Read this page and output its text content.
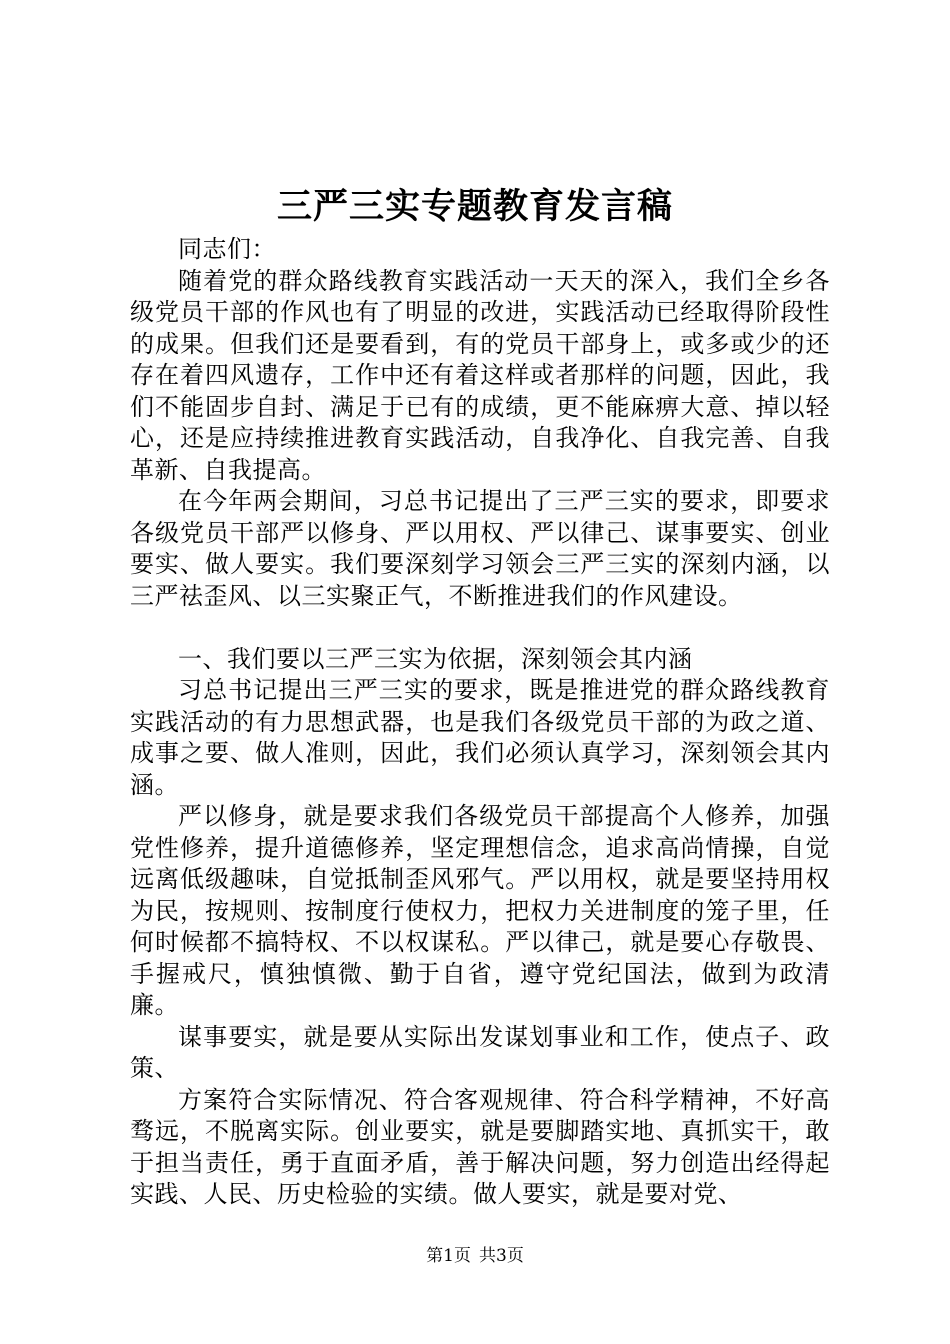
三严三实专题教育发言稿

同志们：

随着党的群众路线教育实践活动一天天的深入，我们全乡各级党员干部的作风也有了明显的改进，实践活动已经取得阶段性的成果。但我们还是要看到，有的党员干部身上，或多或少的还存在着四风遗存，工作中还有着这样或者那样的问题，因此，我们不能固步自封、满足于已有的成绩，更不能麻痹大意、掉以轻心，还是应持续推进教育实践活动，自我净化、自我完善、自我革新、自我提高。

在今年两会期间，习总书记提出了三严三实的要求，即要求各级党员干部严以修身、严以用权、严以律己、谋事要实、创业要实、做人要实。我们要深刻学习领会三严三实的深刻内涵，以三严祛歪风、以三实聚正气，不断推进我们的作风建设。

一、我们要以三严三实为依据，深刻领会其内涵

习总书记提出三严三实的要求，既是推进党的群众路线教育实践活动的有力思想武器，也是我们各级党员干部的为政之道、成事之要、做人准则，因此，我们必须认真学习，深刻领会其内涵。

严以修身，就是要求我们各级党员干部提高个人修养，加强党性修养，提升道德修养，坚定理想信念，追求高尚情操，自觉远离低级趣味，自觉抵制歪风邪气。严以用权，就是要坚持用权为民，按规则、按制度行使权力，把权力关进制度的笼子里，任何时候都不搞特权、不以权谋私。严以律己，就是要心存敬畏、手握戒尺，慎独慎微、勤于自省，遵守党纪国法，做到为政清廉。

谋事要实，就是要从实际出发谋划事业和工作，使点子、政策、

方案符合实际情况、符合客观规律、符合科学精神，不好高骛远，不脱离实际。创业要实，就是要脚踏实地、真抓实干，敢于担当责任，勇于直面矛盾，善于解决问题，努力创造出经得起实践、人民、历史检验的实绩。做人要实，就是要对党、

第1页 共3页
